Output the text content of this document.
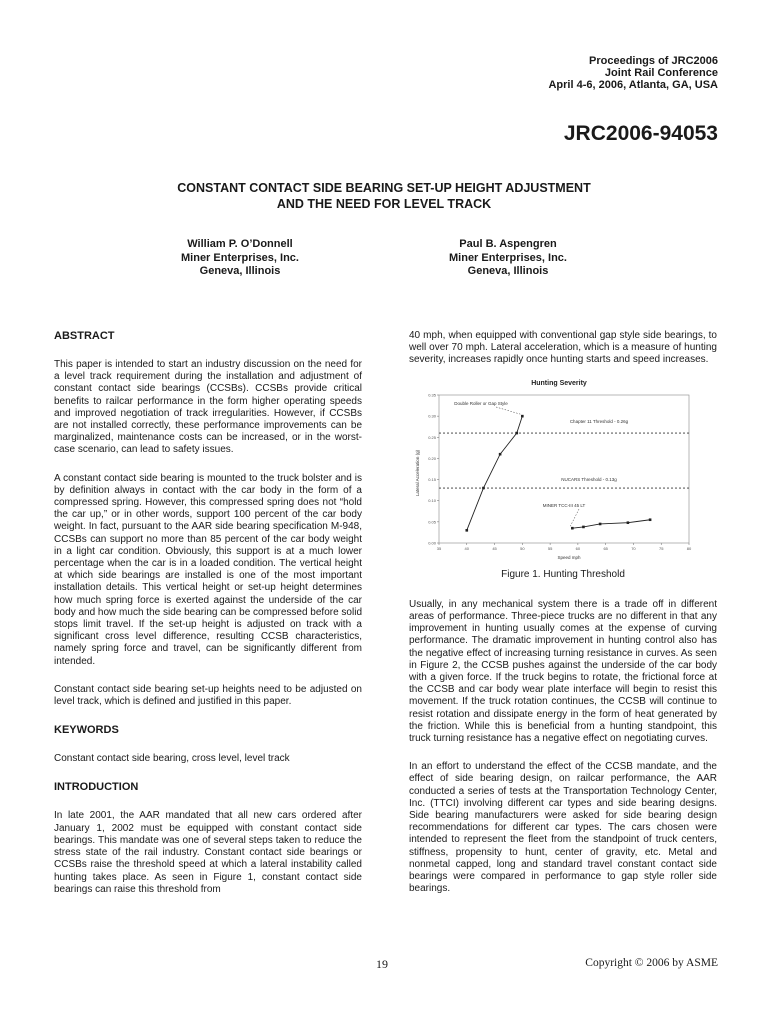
Proceedings of JRC2006
Joint Rail Conference
April 4-6, 2006, Atlanta, GA, USA
JRC2006-94053
CONSTANT CONTACT SIDE BEARING SET-UP HEIGHT ADJUSTMENT
AND THE NEED FOR LEVEL TRACK
William P. O’Donnell
Miner Enterprises, Inc.
Geneva, Illinois
Paul B. Aspengren
Miner Enterprises, Inc.
Geneva, Illinois
ABSTRACT

This paper is intended to start an industry discussion on the need for a level track requirement during the installation and adjustment of constant contact side bearings (CCSBs). CCSBs provide critical benefits to railcar performance in the form higher operating speeds and improved negotiation of track irregularities. However, if CCSBs are not installed correctly, these performance improvements can be marginalized, maintenance costs can be increased, or in the worst-case scenario, can lead to safety issues.

A constant contact side bearing is mounted to the truck bolster and is by definition always in contact with the car body in the form of a compressed spring. However, this compressed spring does not “hold the car up,” or in other words, support 100 percent of the car body weight. In fact, pursuant to the AAR side bearing specification M-948, CCSBs can support no more than 85 percent of the car body weight in a light car condition. Obviously, this support is at a much lower percentage when the car is in a loaded condition. The vertical height at which side bearings are installed is one of the most important installation details. This vertical height or set-up height determines how much spring force is exerted against the underside of the car body and how much the side bearing can be compressed before solid stops limit travel. If the set-up height is adjusted on track with a significant cross level difference, resulting CCSB characteristics, namely spring force and travel, can be significantly different from intended.

Constant contact side bearing set-up heights need to be adjusted on level track, which is defined and justified in this paper.

KEYWORDS

Constant contact side bearing, cross level, level track

INTRODUCTION

In late 2001, the AAR mandated that all new cars ordered after January 1, 2002 must be equipped with constant contact side bearings. This mandate was one of several steps taken to reduce the stress state of the rail industry. Constant contact side bearings or CCSBs raise the threshold speed at which a lateral instability called hunting takes place. As seen in Figure 1, constant contact side bearings can raise this threshold from

40 mph, when equipped with conventional gap style side bearings, to well over 70 mph. Lateral acceleration, which is a measure of hunting severity, increases rapidly once hunting starts and speed increases.

Hunting Severity
35	40	45	50	55	60	65	70	75	80
0.00
0.05
0.10
0.15
0.20
0.25
0.30
0.35
Chapter 11 Threshold - 0.26g
NUCARS Threshold - 0.13g
Double Roller or Gap Style
MINER TCC-III 45 LT
Speed mph
Lateral Acceleration (g)

Figure 1. Hunting Threshold

Usually, in any mechanical system there is a trade off in different areas of performance. Three-piece trucks are no different in that any improvement in hunting usually comes at the expense of curving performance. The dramatic improvement in hunting control also has the negative effect of increasing turning resistance in curves. As seen in Figure 2, the CCSB pushes against the underside of the car body with a given force. If the truck begins to rotate, the frictional force at the CCSB and car body wear plate interface will begin to resist this movement. If the truck rotation continues, the CCSB will continue to resist rotation and dissipate energy in the form of heat generated by the friction. While this is beneficial from a hunting standpoint, this truck turning resistance has a negative effect on negotiating curves.

In an effort to understand the effect of the CCSB mandate, and the effect of side bearing design, on railcar performance, the AAR conducted a series of tests at the Transportation Technology Center, Inc. (TTCI) involving different car types and side bearing designs. Side bearing manufacturers were asked for side bearing design recommendations for different car types. The cars chosen were intended to represent the fleet from the standpoint of truck centers, stiffness, propensity to hunt, center of gravity, etc. Metal and nonmetal capped, long and standard travel constant contact side bearings were compared in performance to gap style roller side bearings.

19	Copyright © 2006 by ASME
